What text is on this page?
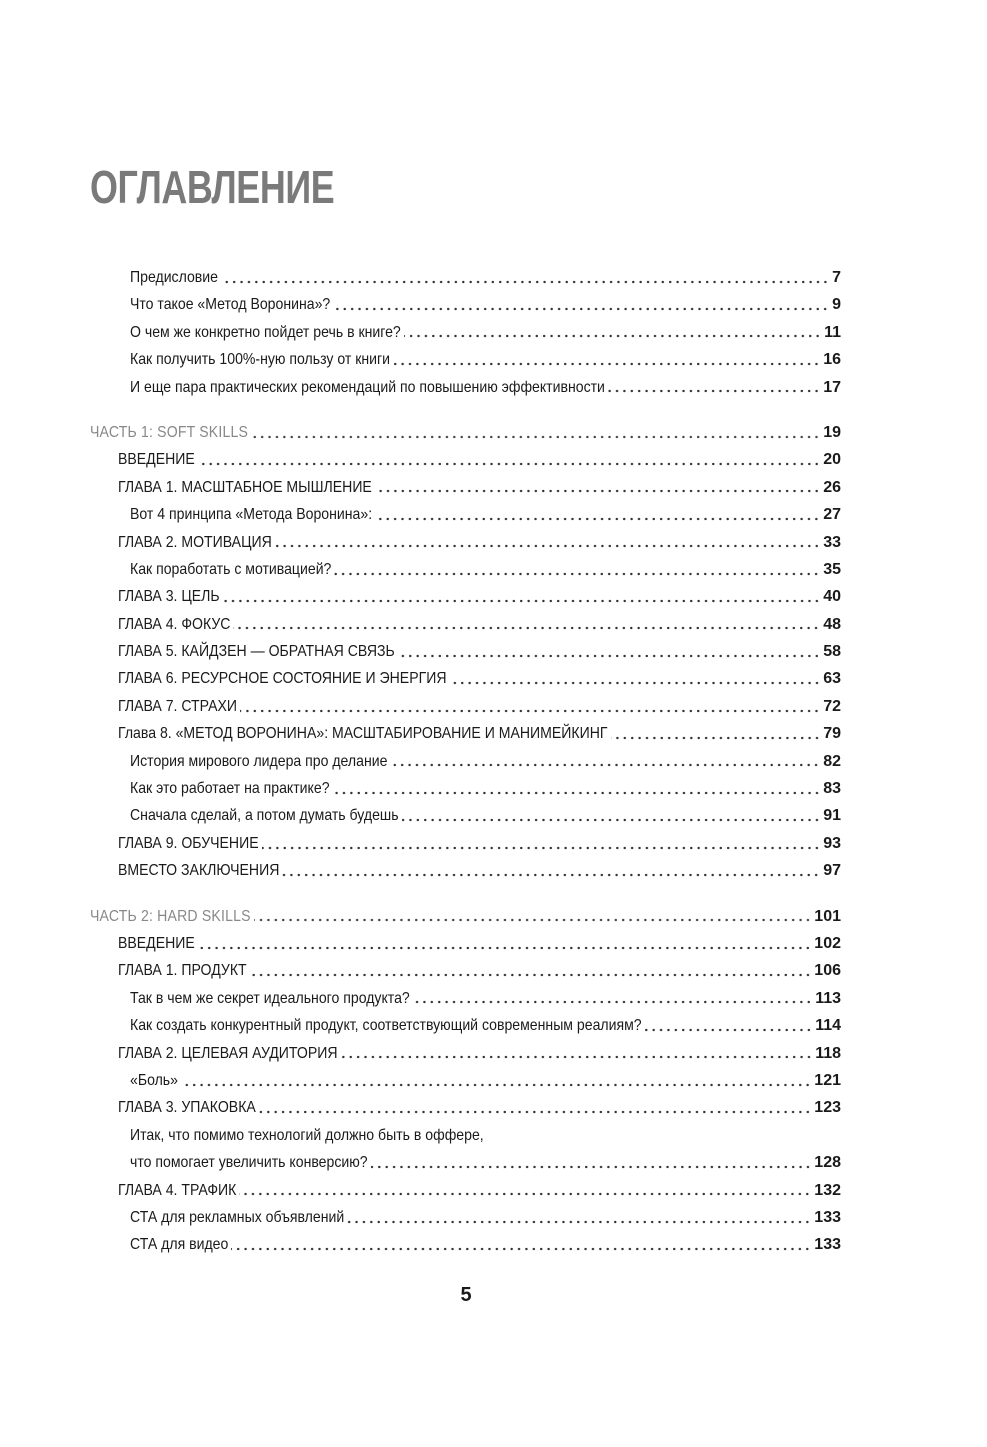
ОГЛАВЛЕНИЕ
Предисловие	7
Что такое «Метод Воронина»?	9
О чем же конкретно пойдет речь в книге?	11
Как получить 100%-ную пользу от книги	16
И еще пара практических рекомендаций по повышению эффективности	17
ЧАСТЬ 1: SOFT SKILLS	19
ВВЕДЕНИЕ	20
ГЛАВА 1. МАСШТАБНОЕ МЫШЛЕНИЕ	26
Вот 4 принципа «Метода Воронина»:	27
ГЛАВА 2. МОТИВАЦИЯ	33
Как поработать с мотивацией?	35
ГЛАВА 3. ЦЕЛЬ	40
ГЛАВА 4. ФОКУС	48
ГЛАВА 5. КАЙДЗЕН — ОБРАТНАЯ СВЯЗЬ	58
ГЛАВА 6. РЕСУРСНОЕ СОСТОЯНИЕ И ЭНЕРГИЯ	63
ГЛАВА 7. СТРАХИ	72
Глава 8. «МЕТОД ВОРОНИНА»: МАСШТАБИРОВАНИЕ И МАНИМЕЙКИНГ	79
История мирового лидера про делание	82
Как это работает на практике?	83
Сначала сделай, а потом думать будешь	91
ГЛАВА 9. ОБУЧЕНИЕ	93
ВМЕСТО ЗАКЛЮЧЕНИЯ	97
ЧАСТЬ 2: HARD SKILLS	101
ВВЕДЕНИЕ	102
ГЛАВА 1. ПРОДУКТ	106
Так в чем же секрет идеального продукта?	113
Как создать конкурентный продукт, соответствующий современным реалиям?	114
ГЛАВА 2. ЦЕЛЕВАЯ АУДИТОРИЯ	118
«Боль»	121
ГЛАВА 3. УПАКОВКА	123
Итак, что помимо технологий должно быть в оффере,
что помогает увеличить конверсию?	128
ГЛАВА 4. ТРАФИК	132
СТА для рекламных объявлений	133
СТА для видео	133
5
